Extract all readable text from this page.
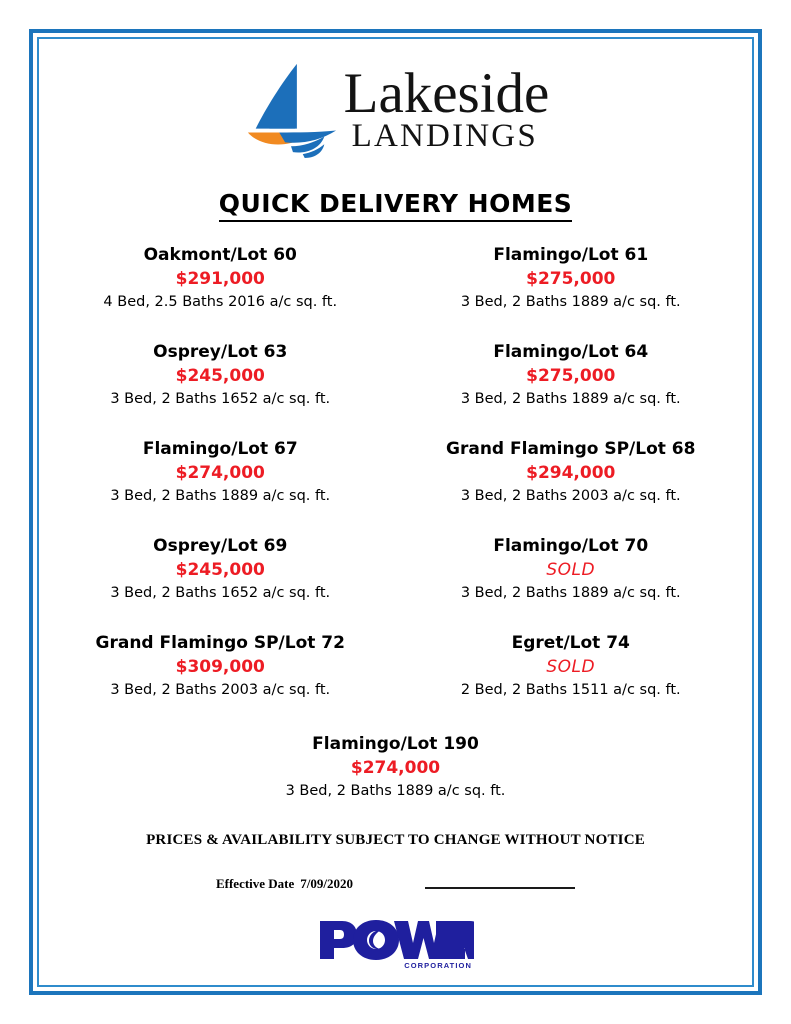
Lakeside
LANDINGS
QUICK DELIVERY HOMES
Oakmont/Lot 60
$291,000
4 Bed, 2.5 Baths 2016 a/c sq. ft.
Flamingo/Lot 61
$275,000
3 Bed, 2 Baths 1889 a/c sq. ft.
Osprey/Lot 63
$245,000
3 Bed, 2 Baths 1652 a/c sq. ft.
Flamingo/Lot 64
$275,000
3 Bed, 2 Baths 1889 a/c sq. ft.
Flamingo/Lot 67
$274,000
3 Bed, 2 Baths 1889 a/c sq. ft.
Grand Flamingo SP/Lot 68
$294,000
3 Bed, 2 Baths 2003 a/c sq. ft.
Osprey/Lot 69
$245,000
3 Bed, 2 Baths 1652 a/c sq. ft.
Flamingo/Lot 70
SOLD
3 Bed, 2 Baths 1889 a/c sq. ft.
Grand Flamingo SP/Lot 72
$309,000
3 Bed, 2 Baths 2003 a/c sq. ft.
Egret/Lot 74
SOLD
2 Bed, 2 Baths 1511 a/c sq. ft.
Flamingo/Lot 190
$274,000
3 Bed, 2 Baths 1889 a/c sq. ft.
PRICES & AVAILABILITY SUBJECT TO CHANGE WITHOUT NOTICE
Effective Date 7/09/2020
CORPORATION
